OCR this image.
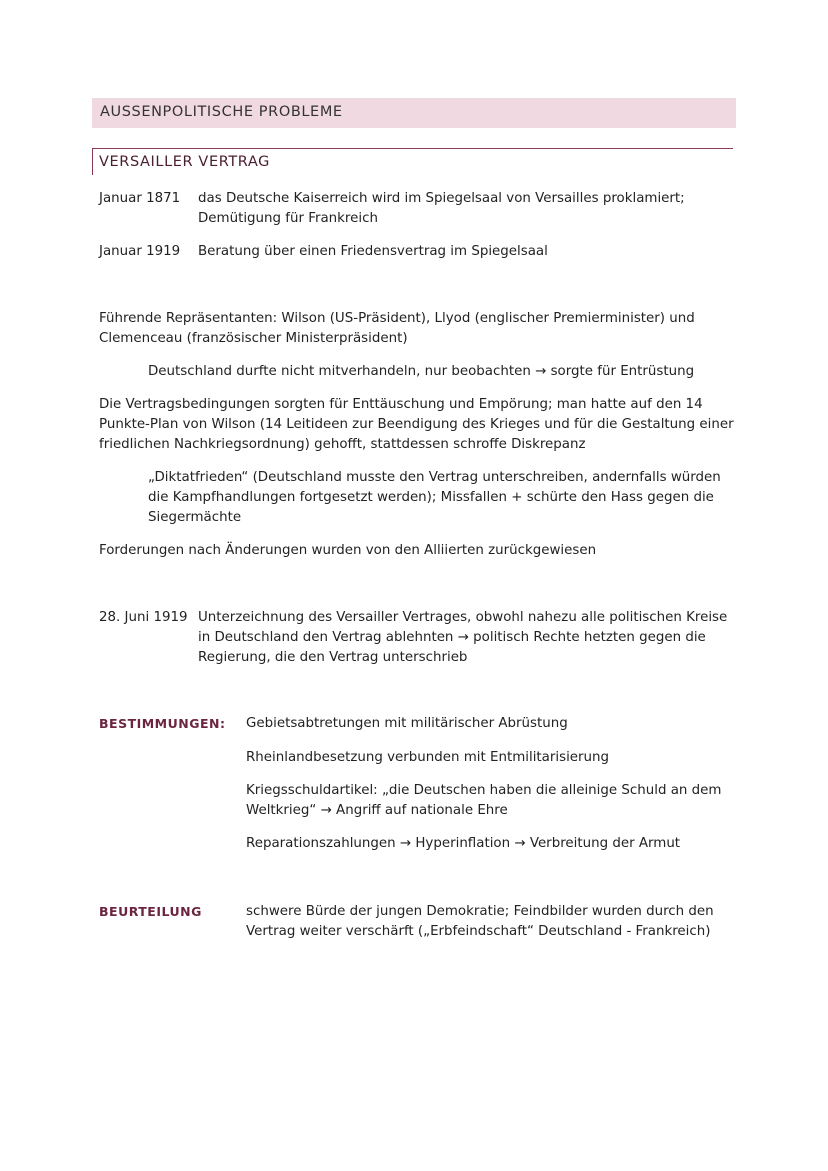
AUSSENPOLITISCHE PROBLEME
VERSAILLER VERTRAG
Januar 1871 das Deutsche Kaiserreich wird im Spiegelsaal von Versailles proklamiert;
Demütigung für Frankreich
Januar 1919 Beratung über einen Friedensvertrag im Spiegelsaal
Führende Repräsentanten: Wilson (US-Präsident), Llyod (englischer Premierminister) und
Clemenceau (französischer Ministerpräsident)
Deutschland durfte nicht mitverhandeln, nur beobachten → sorgte für Entrüstung
Die Vertragsbedingungen sorgten für Enttäuschung und Empörung; man hatte auf den 14
Punkte-Plan von Wilson (14 Leitideen zur Beendigung des Krieges und für die Gestaltung einer
friedlichen Nachkriegsordnung) gehofft, stattdessen schroffe Diskrepanz
„Diktatfrieden“ (Deutschland musste den Vertrag unterschreiben, andernfalls würden
die Kampfhandlungen fortgesetzt werden); Missfallen + schürte den Hass gegen die
Siegermächte
Forderungen nach Änderungen wurden von den Alliierten zurückgewiesen
28. Juni 1919 Unterzeichnung des Versailler Vertrages, obwohl nahezu alle politischen Kreise
in Deutschland den Vertrag ablehnten → politisch Rechte hetzten gegen die
Regierung, die den Vertrag unterschrieb
BESTIMMUNGEN: Gebietsabtretungen mit militärischer Abrüstung
Rheinlandbesetzung verbunden mit Entmilitarisierung
Kriegsschuldartikel: „die Deutschen haben die alleinige Schuld an dem
Weltkrieg“ → Angriff auf nationale Ehre
Reparationszahlungen → Hyperinflation → Verbreitung der Armut
BEURTEILUNG	schwere Bürde der jungen Demokratie; Feindbilder wurden durch den
Vertrag weiter verschärft („Erbfeindschaft“ Deutschland - Frankreich)
